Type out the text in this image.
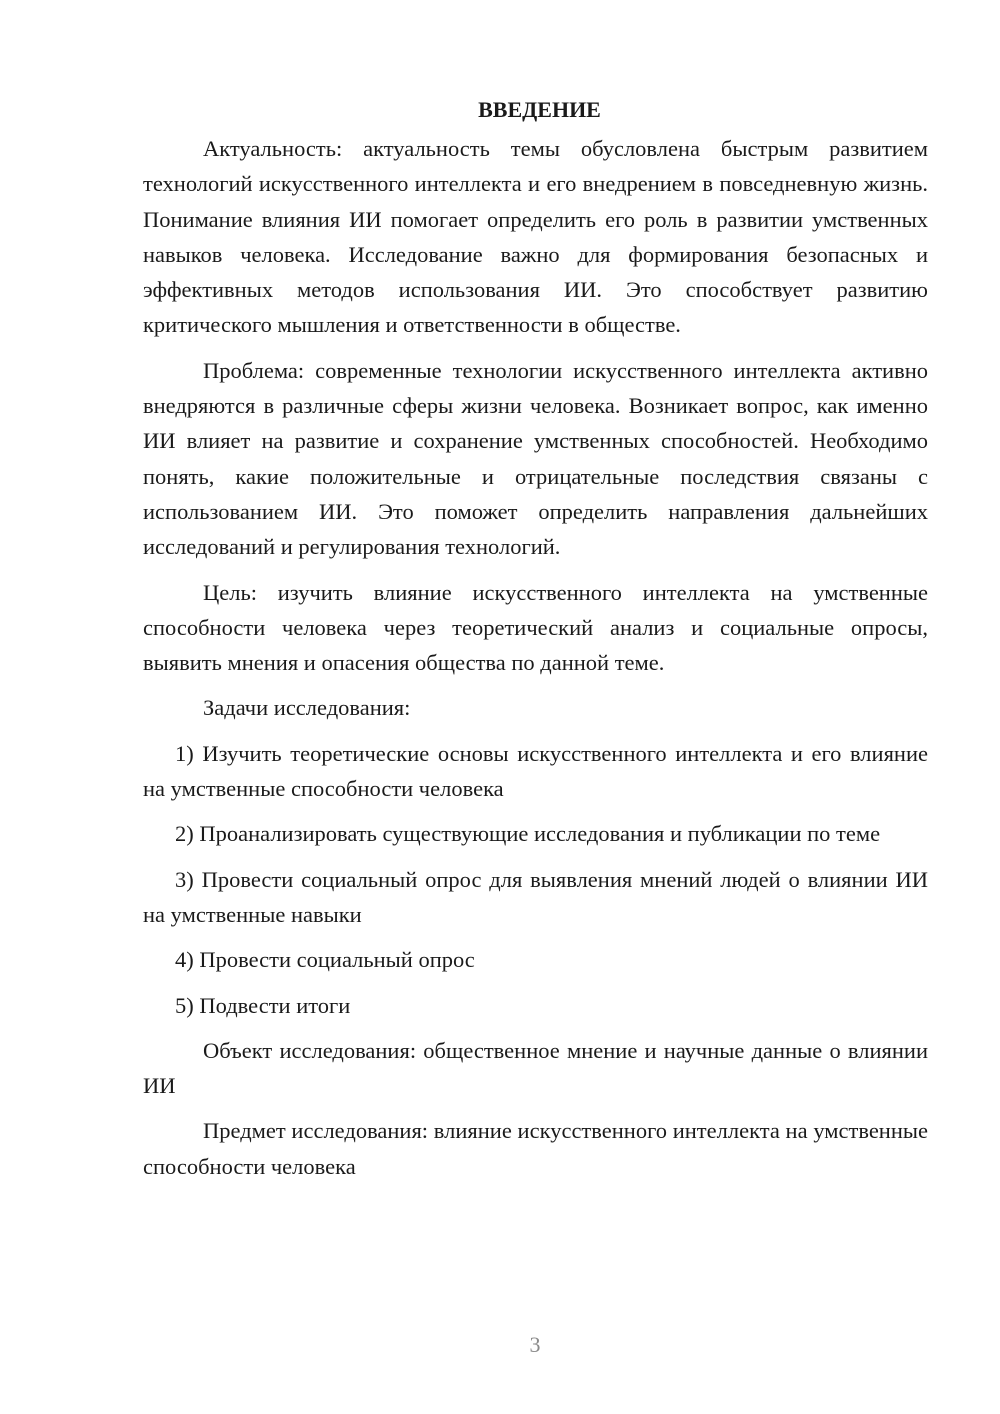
ВВЕДЕНИЕ

Актуальность: актуальность темы обусловлена быстрым развитием технологий искусственного интеллекта и его внедрением в повседневную жизнь. Понимание влияния ИИ помогает определить его роль в развитии умственных навыков человека. Исследование важно для формирования безопасных и эффективных методов использования ИИ. Это способствует развитию критического мышления и ответственности в обществе.

Проблема: современные технологии искусственного интеллекта активно внедряются в различные сферы жизни человека. Возникает вопрос, как именно ИИ влияет на развитие и сохранение умственных способностей. Необходимо понять, какие положительные и отрицательные последствия связаны с использованием ИИ. Это поможет определить направления дальнейших исследований и регулирования технологий.

Цель: изучить влияние искусственного интеллекта на умственные способности человека через теоретический анализ и социальные опросы, выявить мнения и опасения общества по данной теме.

Задачи исследования:

1) Изучить теоретические основы искусственного интеллекта и его влияние на умственные способности человека

2) Проанализировать существующие исследования и публикации по теме

3) Провести социальный опрос для выявления мнений людей о влиянии ИИ на умственные навыки

4) Провести социальный опрос

5) Подвести итоги

Объект исследования: общественное мнение и научные данные о влиянии ИИ

Предмет исследования: влияние искусственного интеллекта на умственные способности человека

3
